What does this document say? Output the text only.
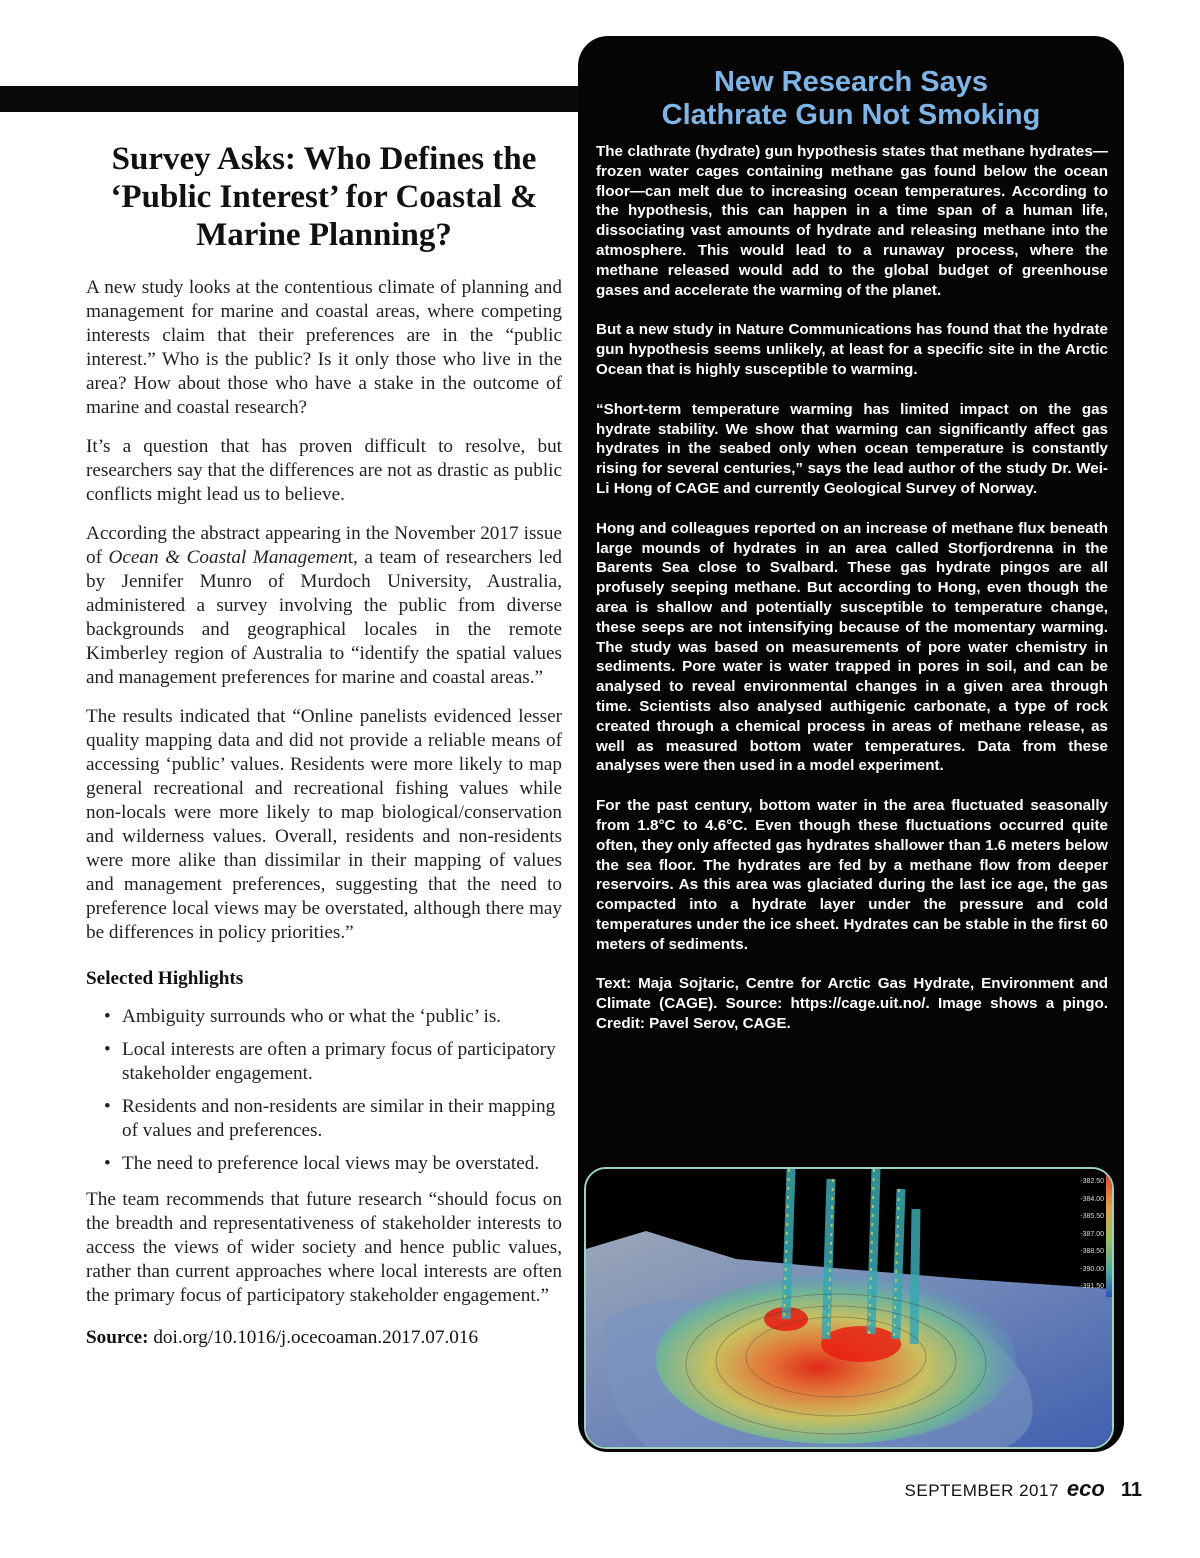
Survey Asks: Who Defines the ‘Public Interest’ for Coastal & Marine Planning?

A new study looks at the contentious climate of planning and management for marine and coastal areas, where competing interests claim that their preferences are in the “public interest.” Who is the public? Is it only those who live in the area? How about those who have a stake in the outcome of marine and coastal research?

It’s a question that has proven difficult to resolve, but researchers say that the differences are not as drastic as public conflicts might lead us to believe.

According the abstract appearing in the November 2017 issue of Ocean & Coastal Management, a team of researchers led by Jennifer Munro of Murdoch University, Australia, administered a survey involving the public from diverse backgrounds and geographical locales in the remote Kimberley region of Australia to “identify the spatial values and management preferences for marine and coastal areas.”

The results indicated that “Online panelists evidenced lesser quality mapping data and did not provide a reliable means of accessing ‘public’ values. Residents were more likely to map general recreational and recreational fishing values while non-locals were more likely to map biological/conservation and wilderness values. Overall, residents and non-residents were more alike than dissimilar in their mapping of values and management preferences, suggesting that the need to preference local views may be overstated, although there may be differences in policy priorities.”

Selected Highlights
• Ambiguity surrounds who or what the ‘public’ is.
• Local interests are often a primary focus of participatory stakeholder engagement.
• Residents and non-residents are similar in their mapping of values and preferences.
• The need to preference local views may be overstated.

The team recommends that future research “should focus on the breadth and representativeness of stakeholder interests to access the views of wider society and hence public values, rather than current approaches where local interests are often the primary focus of participatory stakeholder engagement.”

Source: doi.org/10.1016/j.ocecoaman.2017.07.016
New Research Says
Clathrate Gun Not Smoking

The clathrate (hydrate) gun hypothesis states that methane hydrates—frozen water cages containing methane gas found below the ocean floor—can melt due to increasing ocean temperatures. According to the hypothesis, this can happen in a time span of a human life, dissociating vast amounts of hydrate and releasing methane into the atmosphere. This would lead to a runaway process, where the methane released would add to the global budget of greenhouse gases and accelerate the warming of the planet.

But a new study in Nature Communications has found that the hydrate gun hypothesis seems unlikely, at least for a specific site in the Arctic Ocean that is highly susceptible to warming.

“Short-term temperature warming has limited impact on the gas hydrate stability. We show that warming can significantly affect gas hydrates in the seabed only when ocean temperature is constantly rising for several centuries,” says the lead author of the study Dr. Wei-Li Hong of CAGE and currently Geological Survey of Norway.

Hong and colleagues reported on an increase of methane flux beneath large mounds of hydrates in an area called Storfjordrenna in the Barents Sea close to Svalbard. These gas hydrate pingos are all profusely seeping methane. But according to Hong, even though the area is shallow and potentially susceptible to temperature change, these seeps are not intensifying because of the momentary warming. The study was based on measurements of pore water chemistry in sediments. Pore water is water trapped in pores in soil, and can be analysed to reveal environmental changes in a given area through time. Scientists also analysed authigenic carbonate, a type of rock created through a chemical process in areas of methane release, as well as measured bottom water temperatures. Data from these analyses were then used in a model experiment.

For the past century, bottom water in the area fluctuated seasonally from 1.8°C to 4.6°C. Even though these fluctuations occurred quite often, they only affected gas hydrates shallower than 1.6 meters below the sea floor. The hydrates are fed by a methane flow from deeper reservoirs. As this area was glaciated during the last ice age, the gas compacted into a hydrate layer under the pressure and cold temperatures under the ice sheet. Hydrates can be stable in the first 60 meters of sediments.

Text: Maja Sojtaric, Centre for Arctic Gas Hydrate, Environment and Climate (CAGE). Source: https://cage.uit.no/. Image shows a pingo. Credit: Pavel Serov, CAGE.

-382.50
-384.00
-385.50
-387.00
-388.50
-390.00
-391.50
SEPTEMBER 2017 eco 11
